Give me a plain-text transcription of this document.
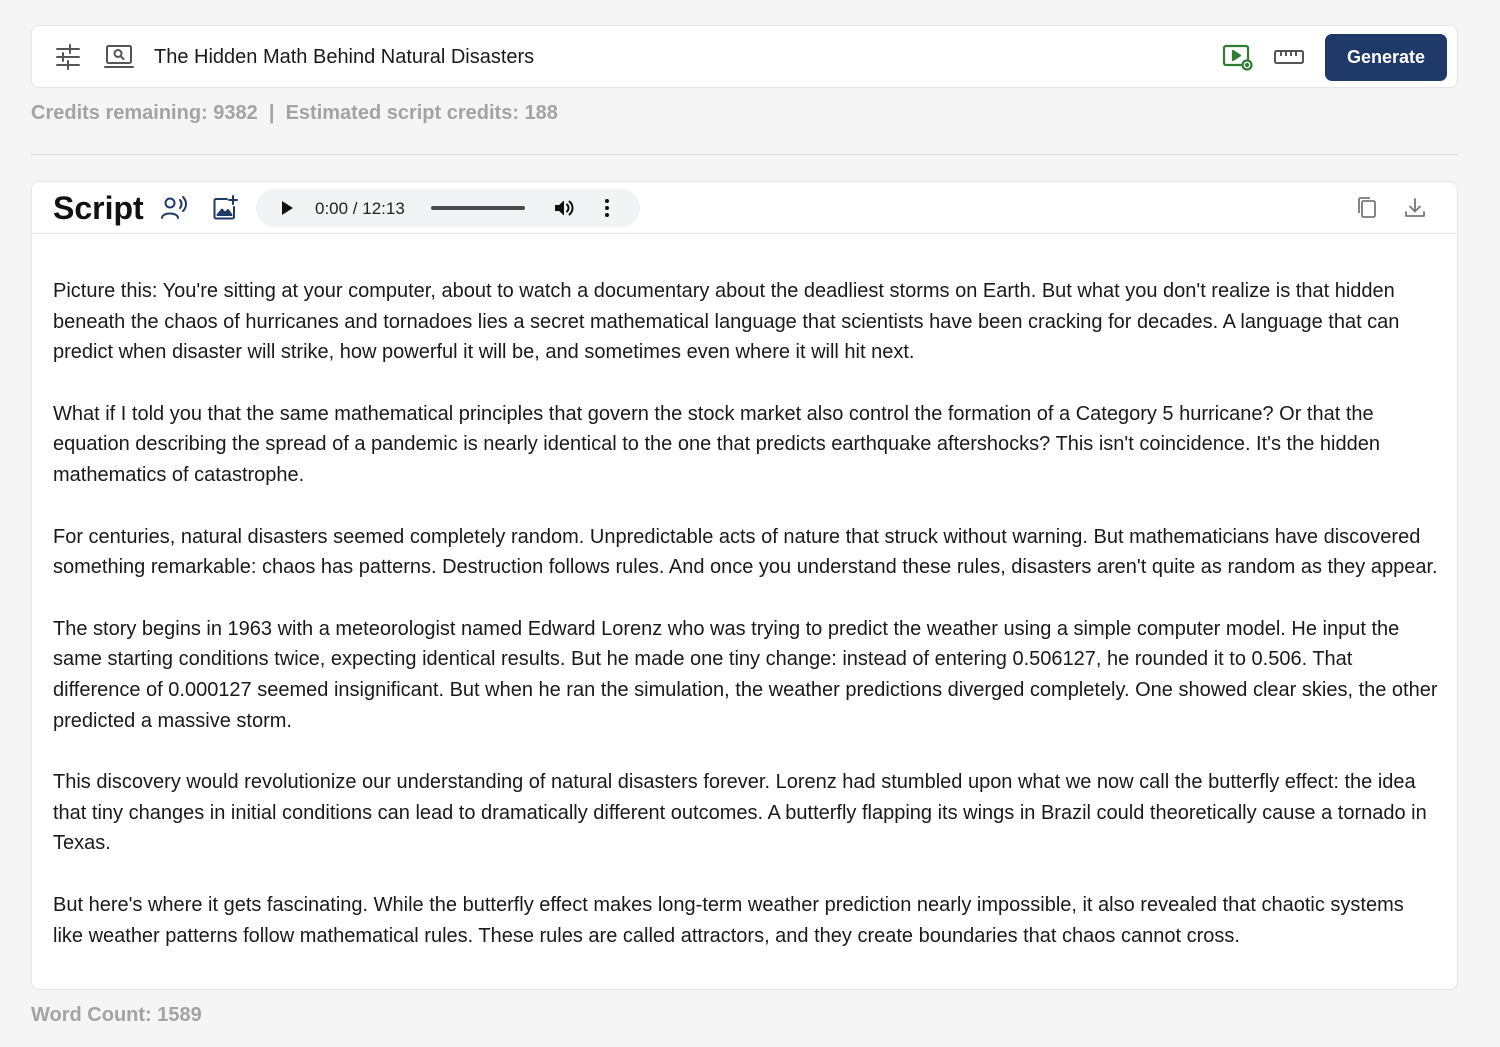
The Hidden Math Behind Natural Disasters
Generate
Credits remaining: 9382  |  Estimated script credits: 188
Script	0:00 / 12:13

Picture this: You're sitting at your computer, about to watch a documentary about the deadliest storms on Earth. But what you don't realize is that hidden beneath the chaos of hurricanes and tornadoes lies a secret mathematical language that scientists have been cracking for decades. A language that can predict when disaster will strike, how powerful it will be, and sometimes even where it will hit next.

What if I told you that the same mathematical principles that govern the stock market also control the formation of a Category 5 hurricane? Or that the equation describing the spread of a pandemic is nearly identical to the one that predicts earthquake aftershocks? This isn't coincidence. It's the hidden mathematics of catastrophe.

For centuries, natural disasters seemed completely random. Unpredictable acts of nature that struck without warning. But mathematicians have discovered something remarkable: chaos has patterns. Destruction follows rules. And once you understand these rules, disasters aren't quite as random as they appear.

The story begins in 1963 with a meteorologist named Edward Lorenz who was trying to predict the weather using a simple computer model. He input the same starting conditions twice, expecting identical results. But he made one tiny change: instead of entering 0.506127, he rounded it to 0.506. That difference of 0.000127 seemed insignificant. But when he ran the simulation, the weather predictions diverged completely. One showed clear skies, the other predicted a massive storm.

This discovery would revolutionize our understanding of natural disasters forever. Lorenz had stumbled upon what we now call the butterfly effect: the idea that tiny changes in initial conditions can lead to dramatically different outcomes. A butterfly flapping its wings in Brazil could theoretically cause a tornado in Texas.

But here's where it gets fascinating. While the butterfly effect makes long-term weather prediction nearly impossible, it also revealed that chaotic systems like weather patterns follow mathematical rules. These rules are called attractors, and they create boundaries that chaos cannot cross.

Word Count: 1589
